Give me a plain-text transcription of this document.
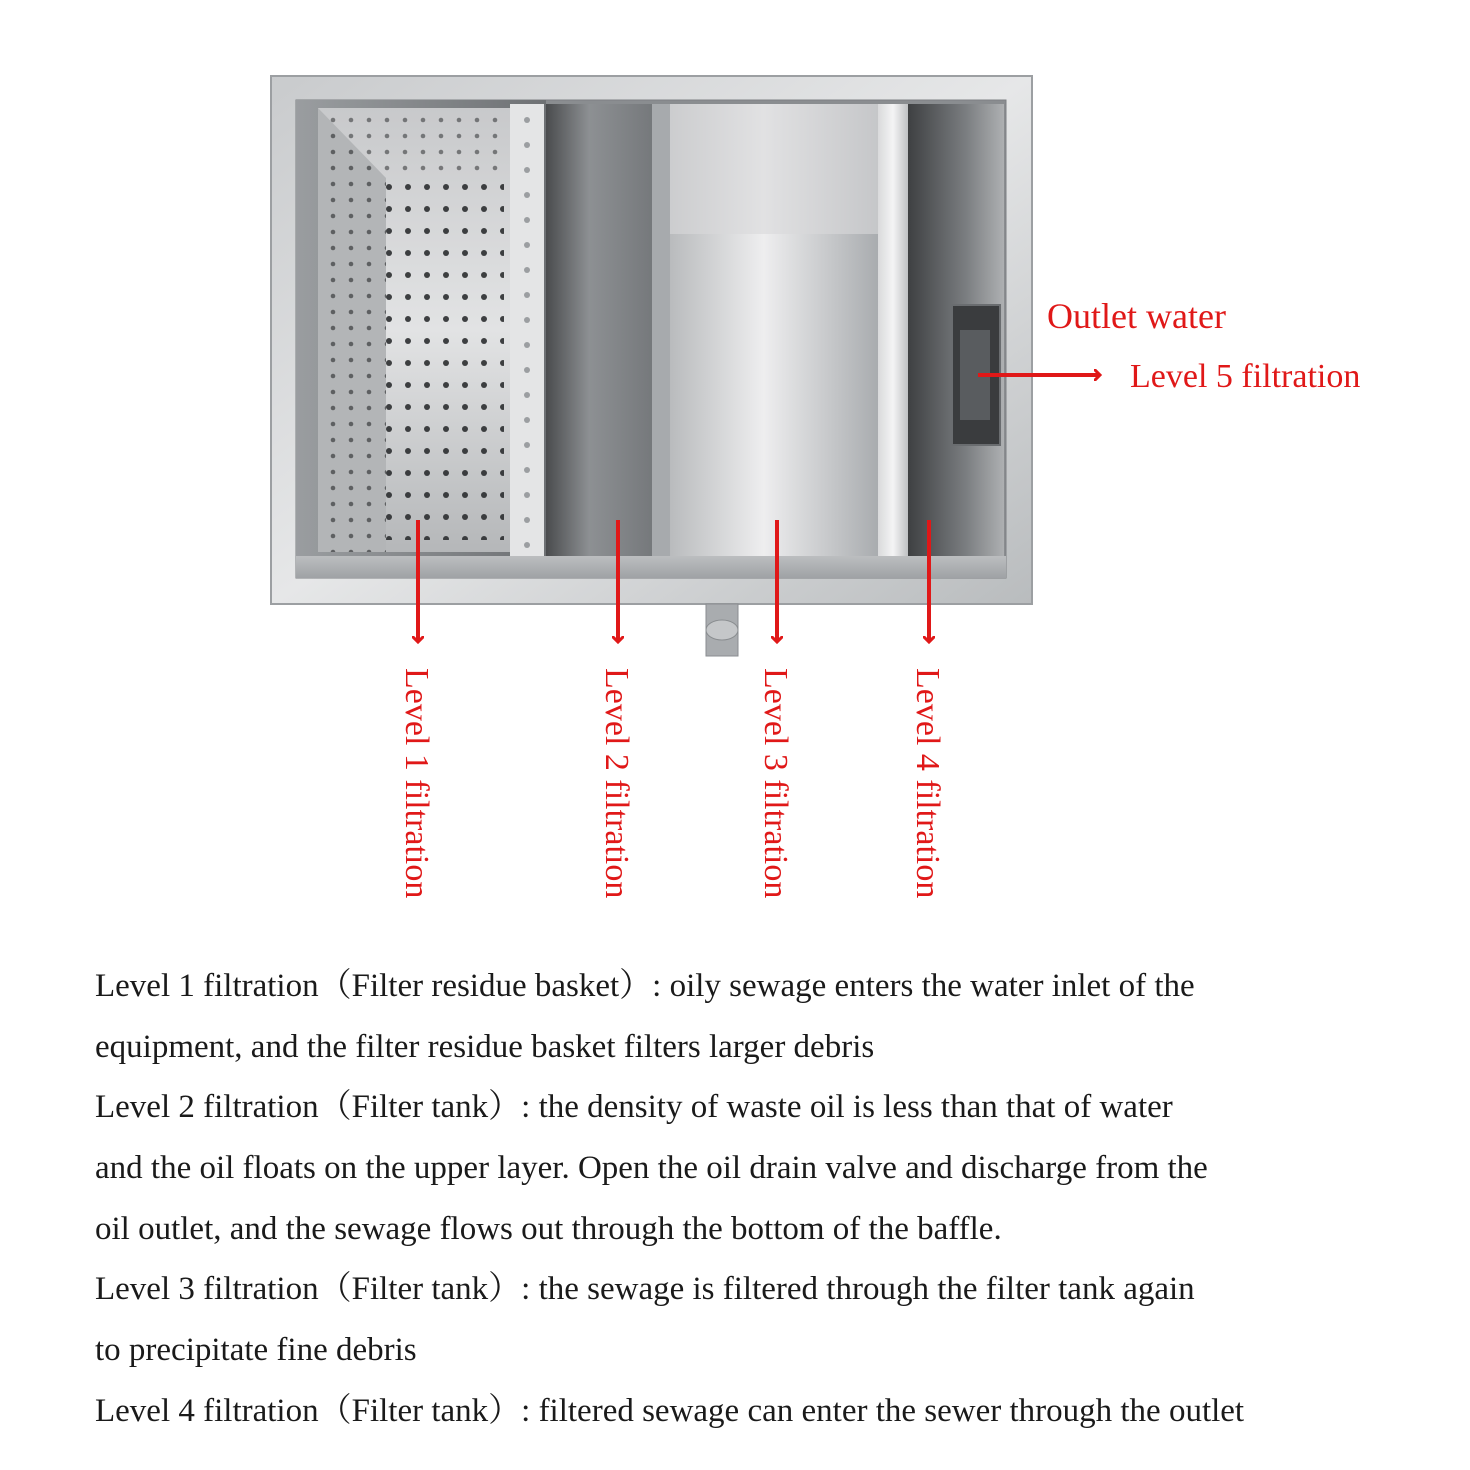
Outlet water
Level 5 filtration
Level 1 filtration	Level 2 filtration	Level 3 filtration	Level 4 filtration
Level 1 filtration（Filter residue basket）: oily sewage enters the water inlet of the
equipment, and the filter residue basket filters larger debris
Level 2 filtration（Filter tank）: the density of waste oil is less than that of water
and the oil floats on the upper layer. Open the oil drain valve and discharge from the
oil outlet, and the sewage flows out through the bottom of the baffle.
Level 3 filtration（Filter tank）: the sewage is filtered through the filter tank again
to precipitate fine debris
Level 4 filtration（Filter tank）: filtered sewage can enter the sewer through the outlet
